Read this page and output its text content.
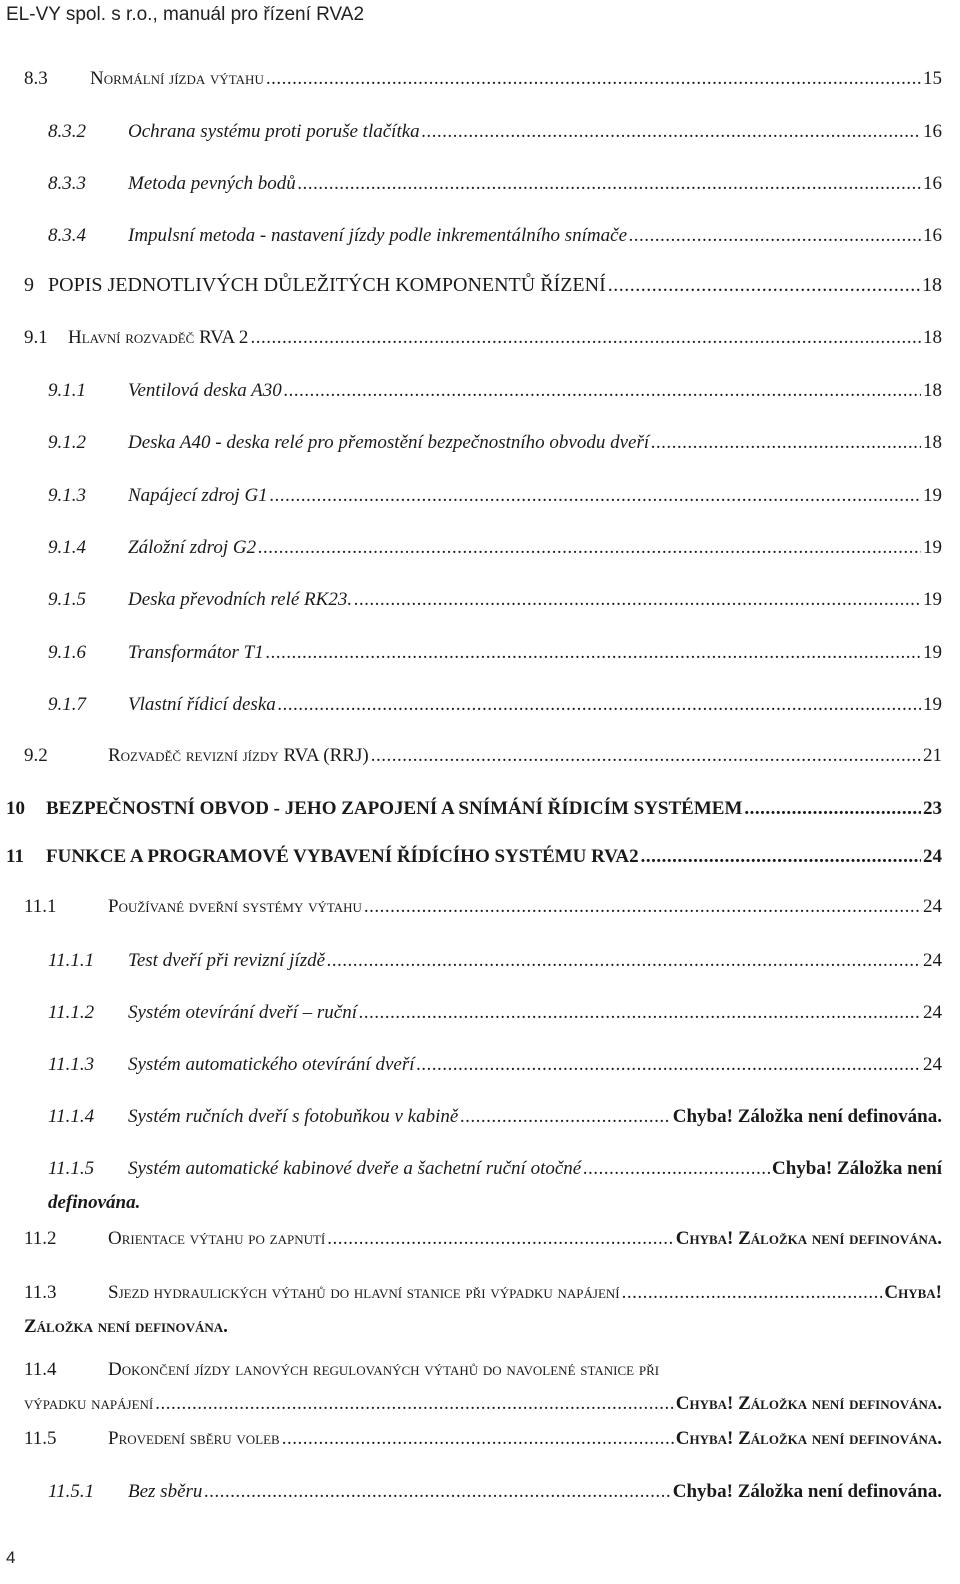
EL-VY spol. s r.o., manuál pro řízení RVA2
8.3	Normální jízda výtahu .....	15
8.3.2	Ochrana systému proti poruše tlačítka .....	16
8.3.3	Metoda pevných bodů .....	16
8.3.4	Impulsní metoda - nastavení jízdy podle inkrementálního snímače .....	16
9 POPIS JEDNOTLIVÝCH DŮLEŽITÝCH KOMPONENTŮ ŘÍZENÍ .....	18
9.1	Hlavní rozvaděč RVA 2 .....	18
9.1.1	Ventilová deska A30 .....	18
9.1.2	Deska A40 - deska relé pro přemostění bezpečnostního obvodu dveří .....	18
9.1.3	Napájecí zdroj G1 .....	19
9.1.4	Záložní zdroj G2 .....	19
9.1.5	Deska převodních relé RK23. .....	19
9.1.6	Transformátor T1 .....	19
9.1.7	Vlastní řídicí deska .....	19
9.2	Rozvaděč revizní jízdy RVA (RRJ) .....	21
10	BEZPEČNOSTNÍ OBVOD - JEHO ZAPOJENÍ A SNÍMÁNÍ ŘÍDICÍM SYSTÉMEM .....	23
11	FUNKCE A PROGRAMOVÉ VYBAVENÍ ŘÍDÍCÍHO SYSTÉMU RVA2 .....	24
11.1	Používané dveřní systémy výtahu .....	24
11.1.1	Test dveří při revizní jízdě .....	24
11.1.2	Systém otevírání dveří – ruční .....	24
11.1.3	Systém automatického otevírání dveří .....	24
11.1.4	Systém ručních dveří s fotobuňkou v kabině .....	Chyba! Záložka není definována.
11.1.5	Systém automatické kabinové dveře a šachetní ruční otočné .....	Chyba! Záložka není
definována.
11.2	Orientace výtahu po zapnutí .....	Chyba! Záložka není definována.
11.3	Sjezd hydraulických výtahů do hlavní stanice při výpadku napájení .....	Chyba!
Záložka není definována.
11.4	Dokončení jízdy lanových regulovaných výtahů do navolené stanice při
výpadku napájení .....	Chyba! Záložka není definována.
11.5	Provedení sběru voleb .....	Chyba! Záložka není definována.
11.5.1	Bez sběru .....	Chyba! Záložka není definována.
4
